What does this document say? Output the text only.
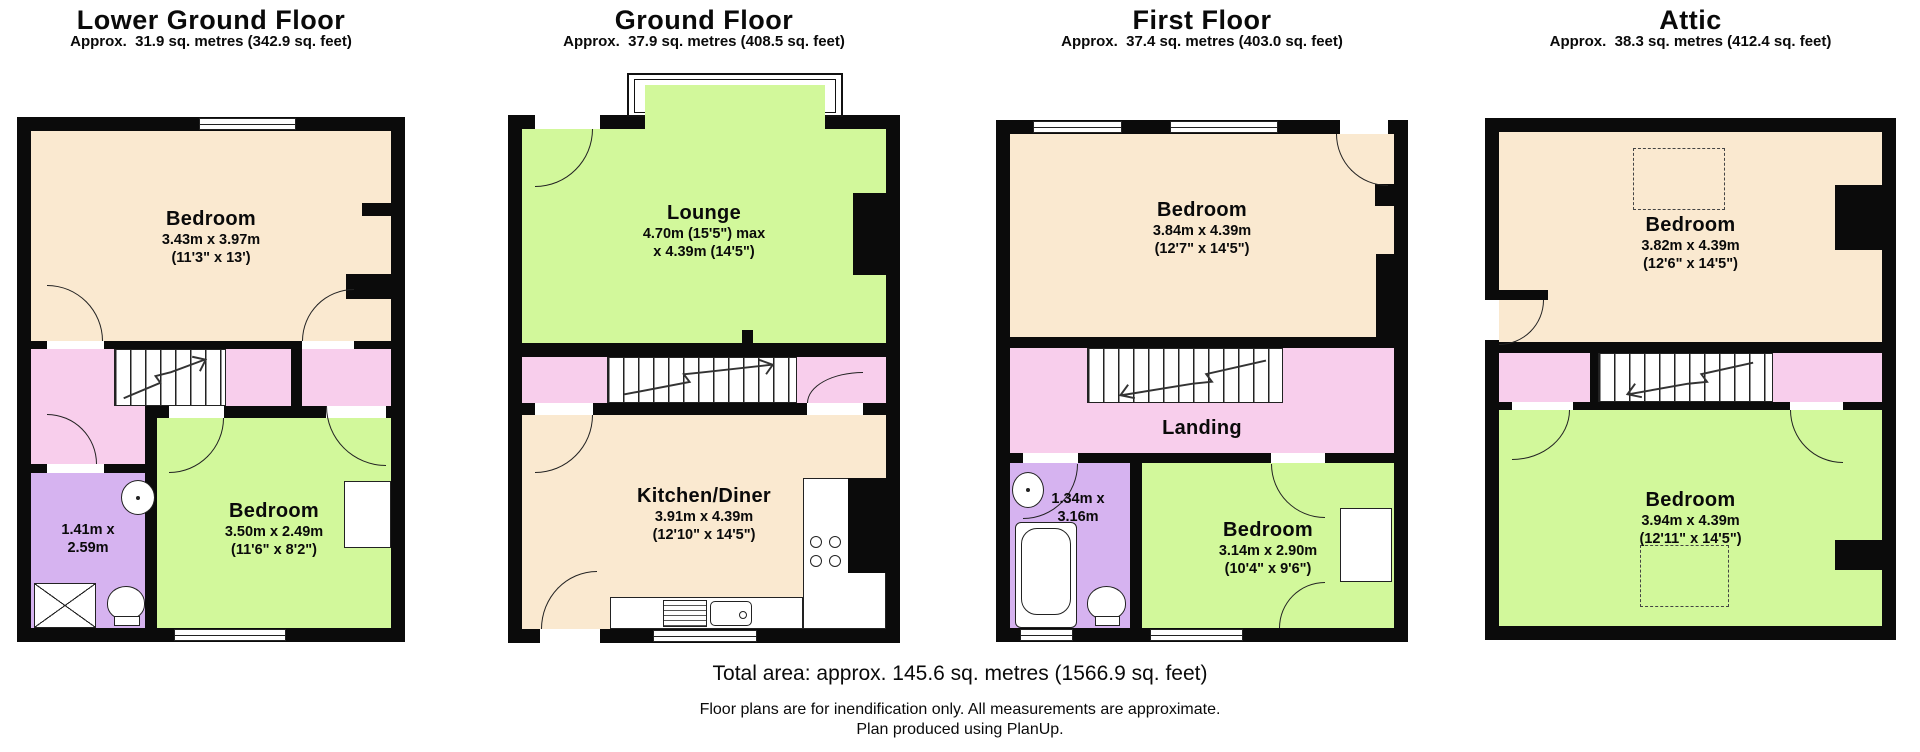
Lower Ground Floor
Approx.  31.9 sq. metres (342.9 sq. feet)
Ground Floor
Approx.  37.9 sq. metres (408.5 sq. feet)
First Floor
Approx.  37.4 sq. metres (403.0 sq. feet)
Attic
Approx.  38.3 sq. metres (412.4 sq. feet)
Bedroom
3.43m x 3.97m
(11'3" x 13')
1.41m x
2.59m
Bedroom
3.50m x 2.49m
(11'6" x 8'2")
Lounge
4.70m (15'5") max
x 4.39m (14'5")
Kitchen/Diner
3.91m x 4.39m
(12'10" x 14'5")
Bedroom
3.84m x 4.39m
(12'7" x 14'5")
Landing
1.34m x
3.16m
Bedroom
3.14m x 2.90m
(10'4" x 9'6")
Bedroom
3.82m x 4.39m
(12'6" x 14'5")
Bedroom
3.94m x 4.39m
(12'11" x 14'5")
Total area: approx. 145.6 sq. metres (1566.9 sq. feet)
Floor plans are for inendification only. All measurements are approximate.
Plan produced using PlanUp.
